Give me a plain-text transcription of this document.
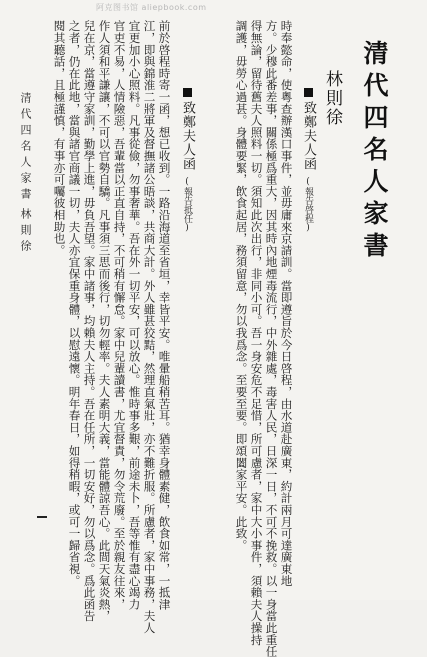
阿克图书馆 aliepbook.com
清代四名人家書
林則徐
致鄭夫人函(報告啓程)
時奉懿命，使粵查辦漢口事件，並毋庸來京請訓。當即遵旨於今日啓程，由水道赴廣東，約計兩月可達廣東地
方。少穆此番差事，關係極爲重大，因其時內地煙毒流行，中外雜處，毒害人民，日深一日，不可不挽救。以一身當此重任
得無論，留待舊夫人照料一切。須知此次出行，非同小可。吾一身安危不足惜，所可慮者，家中大小事件，須賴夫人操持
調護，毋勞心過甚。身體要緊，飲食起居，務須留意，勿以我爲念。至要至要。即頌闔家平安。此致。
致鄭夫人函(報告抵任)
前於啓程時寄一函，想已收到。一路沿海道至省垣，幸皆平安。唯暈船稍苦耳。猶幸身體素健，飲食如常，一抵津
江，即與錦淮二將軍及督撫諸公晤談，共商大計。外人雖甚狡黠，然理直氣壯，亦不難折服。所慮者，家中事務，夫人
宜更加小心照料。凡事從儉，勿事奢華。吾在外一切平安，可以放心。惟時事多艱，前途未卜，吾等惟有盡心竭力
官吏不易，人情險惡，吾輩當以正直自持，不可稍有懈怠。家中兒輩讀書，尤宜督責，勿令荒廢。至於親友往來，
作人須和平謙讓，不可以官勢自驕。凡事須三思而後行，切勿輕率。夫人素明大義，當能體諒吾心。此間天氣炎熱，
兒在京，當遵守家訓，勤學上進，毋負吾望。家中諸事，均賴夫人主持。吾在任所，一切安好，勿以爲念。爲此函告
之者，仍在此地，當與諸官商議一切，夫人亦宜保重身體，以慰遠懷。明年春日，如得稍暇，或可一歸省視。
閱其聽話，且極謹慎，有事亦可囑彼相助也。
清代四名人家書
林則徐
